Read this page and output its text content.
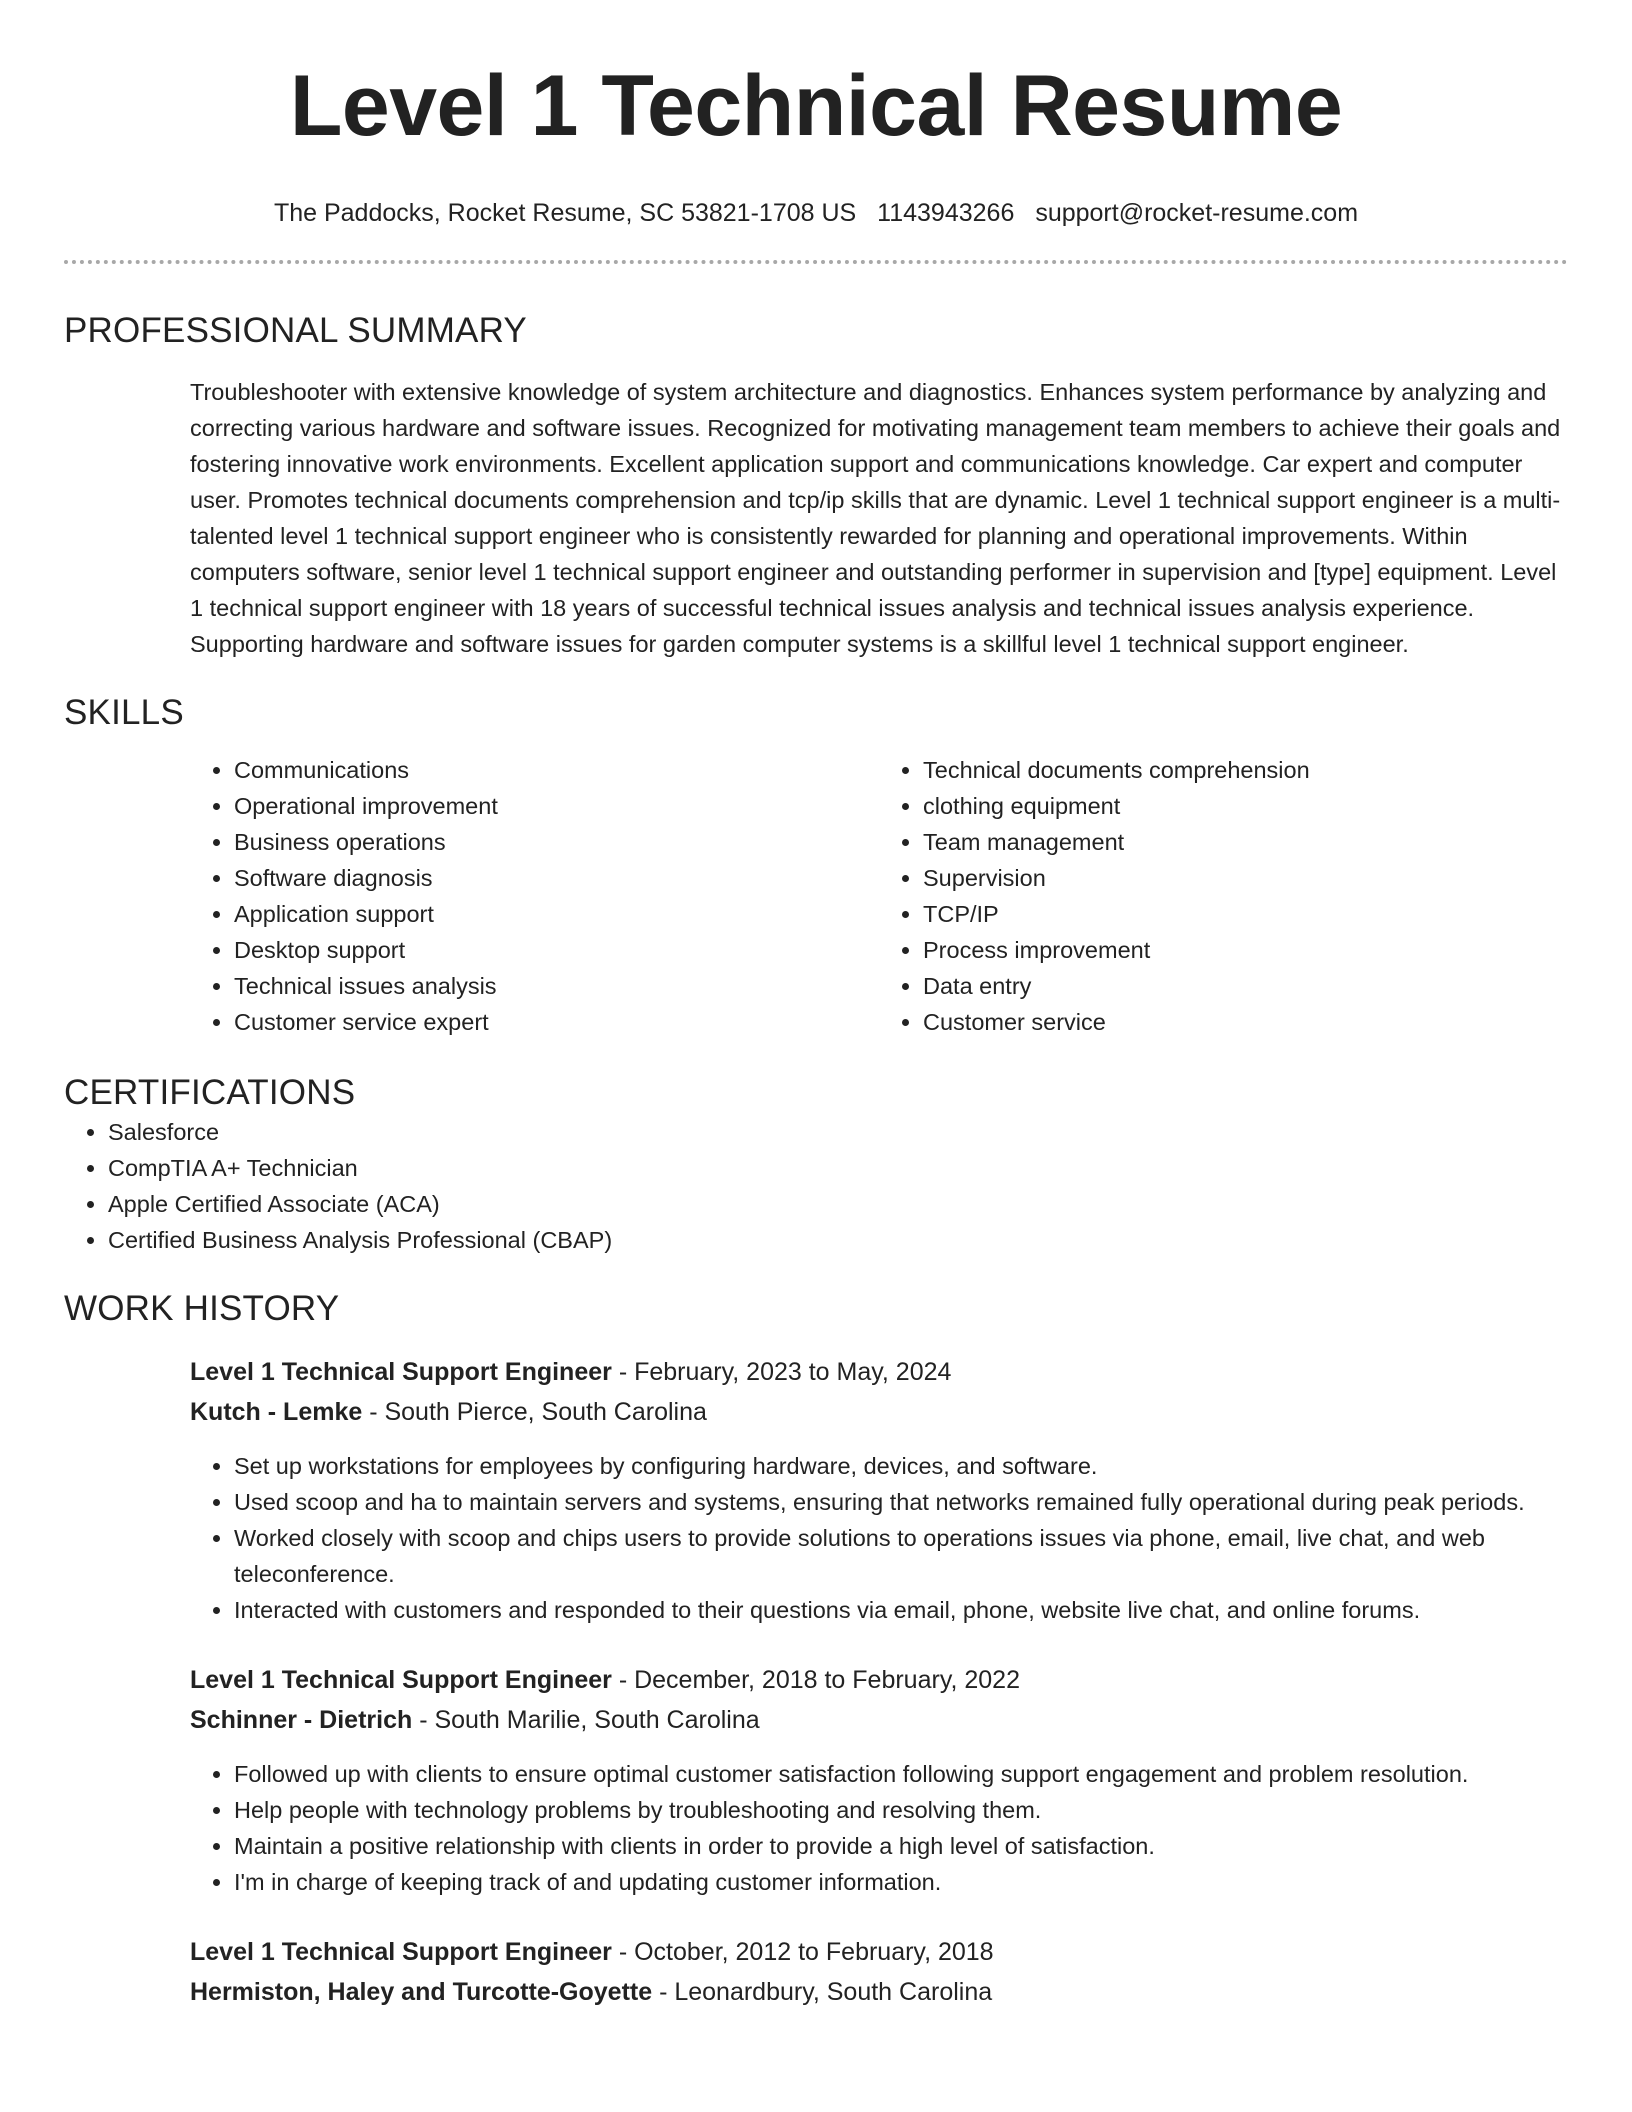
Level 1 Technical Resume
The Paddocks, Rocket Resume, SC 53821-1708 US 1143943266 support@rocket-resume.com
PROFESSIONAL SUMMARY

Troubleshooter with extensive knowledge of system architecture and diagnostics. Enhances system performance by analyzing and correcting various hardware and software issues. Recognized for motivating management team members to achieve their goals and fostering innovative work environments. Excellent application support and communications knowledge. Car expert and computer user. Promotes technical documents comprehension and tcp/ip skills that are dynamic. Level 1 technical support engineer is a multi-talented level 1 technical support engineer who is consistently rewarded for planning and operational improvements. Within computers software, senior level 1 technical support engineer and outstanding performer in supervision and [type] equipment. Level 1 technical support engineer with 18 years of successful technical issues analysis and technical issues analysis experience. Supporting hardware and software issues for garden computer systems is a skillful level 1 technical support engineer.

SKILLS
• Communications
• Operational improvement
• Business operations
• Software diagnosis
• Application support
• Desktop support
• Technical issues analysis
• Customer service expert
• Technical documents comprehension
• clothing equipment
• Team management
• Supervision
• TCP/IP
• Process improvement
• Data entry
• Customer service
CERTIFICATIONS
• Salesforce
• CompTIA A+ Technician
• Apple Certified Associate (ACA)
• Certified Business Analysis Professional (CBAP)
WORK HISTORY
Level 1 Technical Support Engineer - February, 2023 to May, 2024
Kutch - Lemke - South Pierce, South Carolina
• Set up workstations for employees by configuring hardware, devices, and software.
• Used scoop and ha to maintain servers and systems, ensuring that networks remained fully operational during peak periods.
• Worked closely with scoop and chips users to provide solutions to operations issues via phone, email, live chat, and web teleconference.
• Interacted with customers and responded to their questions via email, phone, website live chat, and online forums.
Level 1 Technical Support Engineer - December, 2018 to February, 2022
Schinner - Dietrich - South Marilie, South Carolina
• Followed up with clients to ensure optimal customer satisfaction following support engagement and problem resolution.
• Help people with technology problems by troubleshooting and resolving them.
• Maintain a positive relationship with clients in order to provide a high level of satisfaction.
• I'm in charge of keeping track of and updating customer information.
Level 1 Technical Support Engineer - October, 2012 to February, 2018
Hermiston, Haley and Turcotte-Goyette - Leonardbury, South Carolina
